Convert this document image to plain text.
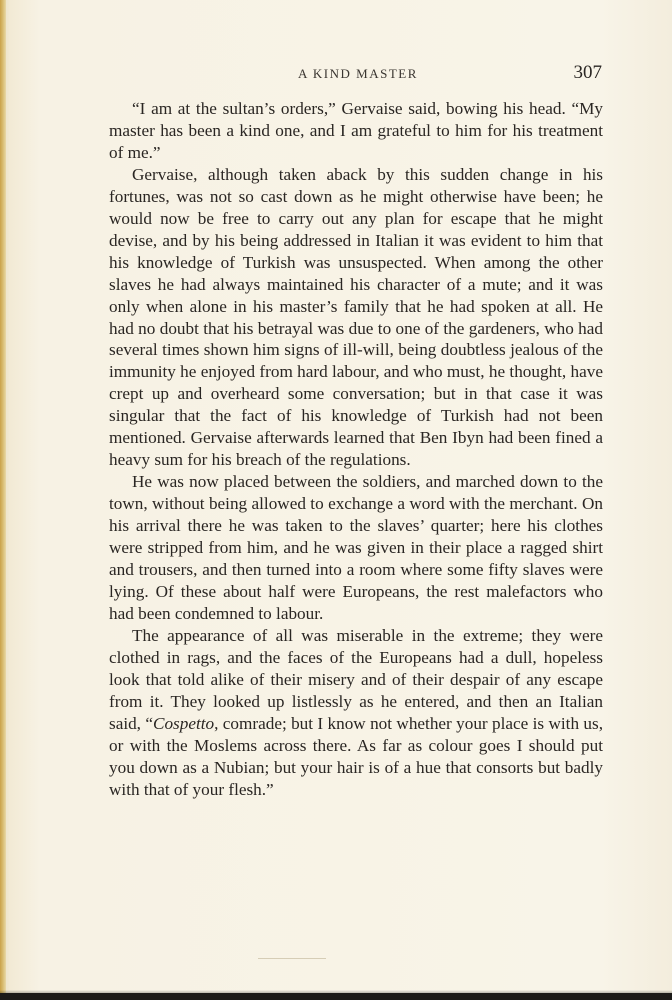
A KIND MASTER	307

“I am at the sultan’s orders,” Gervaise said, bowing his head. “My master has been a kind one, and I am grateful to him for his treatment of me.”

Gervaise, although taken aback by this sudden change in his fortunes, was not so cast down as he might otherwise have been; he would now be free to carry out any plan for escape that he might devise, and by his being addressed in Italian it was evident to him that his knowledge of Turkish was unsuspected. When among the other slaves he had always maintained his character of a mute; and it was only when alone in his master’s family that he had spoken at all. He had no doubt that his betrayal was due to one of the gardeners, who had several times shown him signs of ill-will, being doubtless jealous of the immunity he enjoyed from hard labour, and who must, he thought, have crept up and overheard some conversation; but in that case it was singular that the fact of his knowledge of Turkish had not been mentioned. Gervaise afterwards learned that Ben Ibyn had been fined a heavy sum for his breach of the regulations.

He was now placed between the soldiers, and marched down to the town, without being allowed to exchange a word with the merchant. On his arrival there he was taken to the slaves’ quarter; here his clothes were stripped from him, and he was given in their place a ragged shirt and trousers, and then turned into a room where some fifty slaves were lying. Of these about half were Europeans, the rest malefactors who had been condemned to labour.

The appearance of all was miserable in the extreme; they were clothed in rags, and the faces of the Europeans had a dull, hopeless look that told alike of their misery and of their despair of any escape from it. They looked up listlessly as he entered, and then an Italian said, “Cospetto, comrade; but I know not whether your place is with us, or with the Moslems across there. As far as colour goes I should put you down as a Nubian; but your hair is of a hue that consorts but badly with that of your flesh.”
